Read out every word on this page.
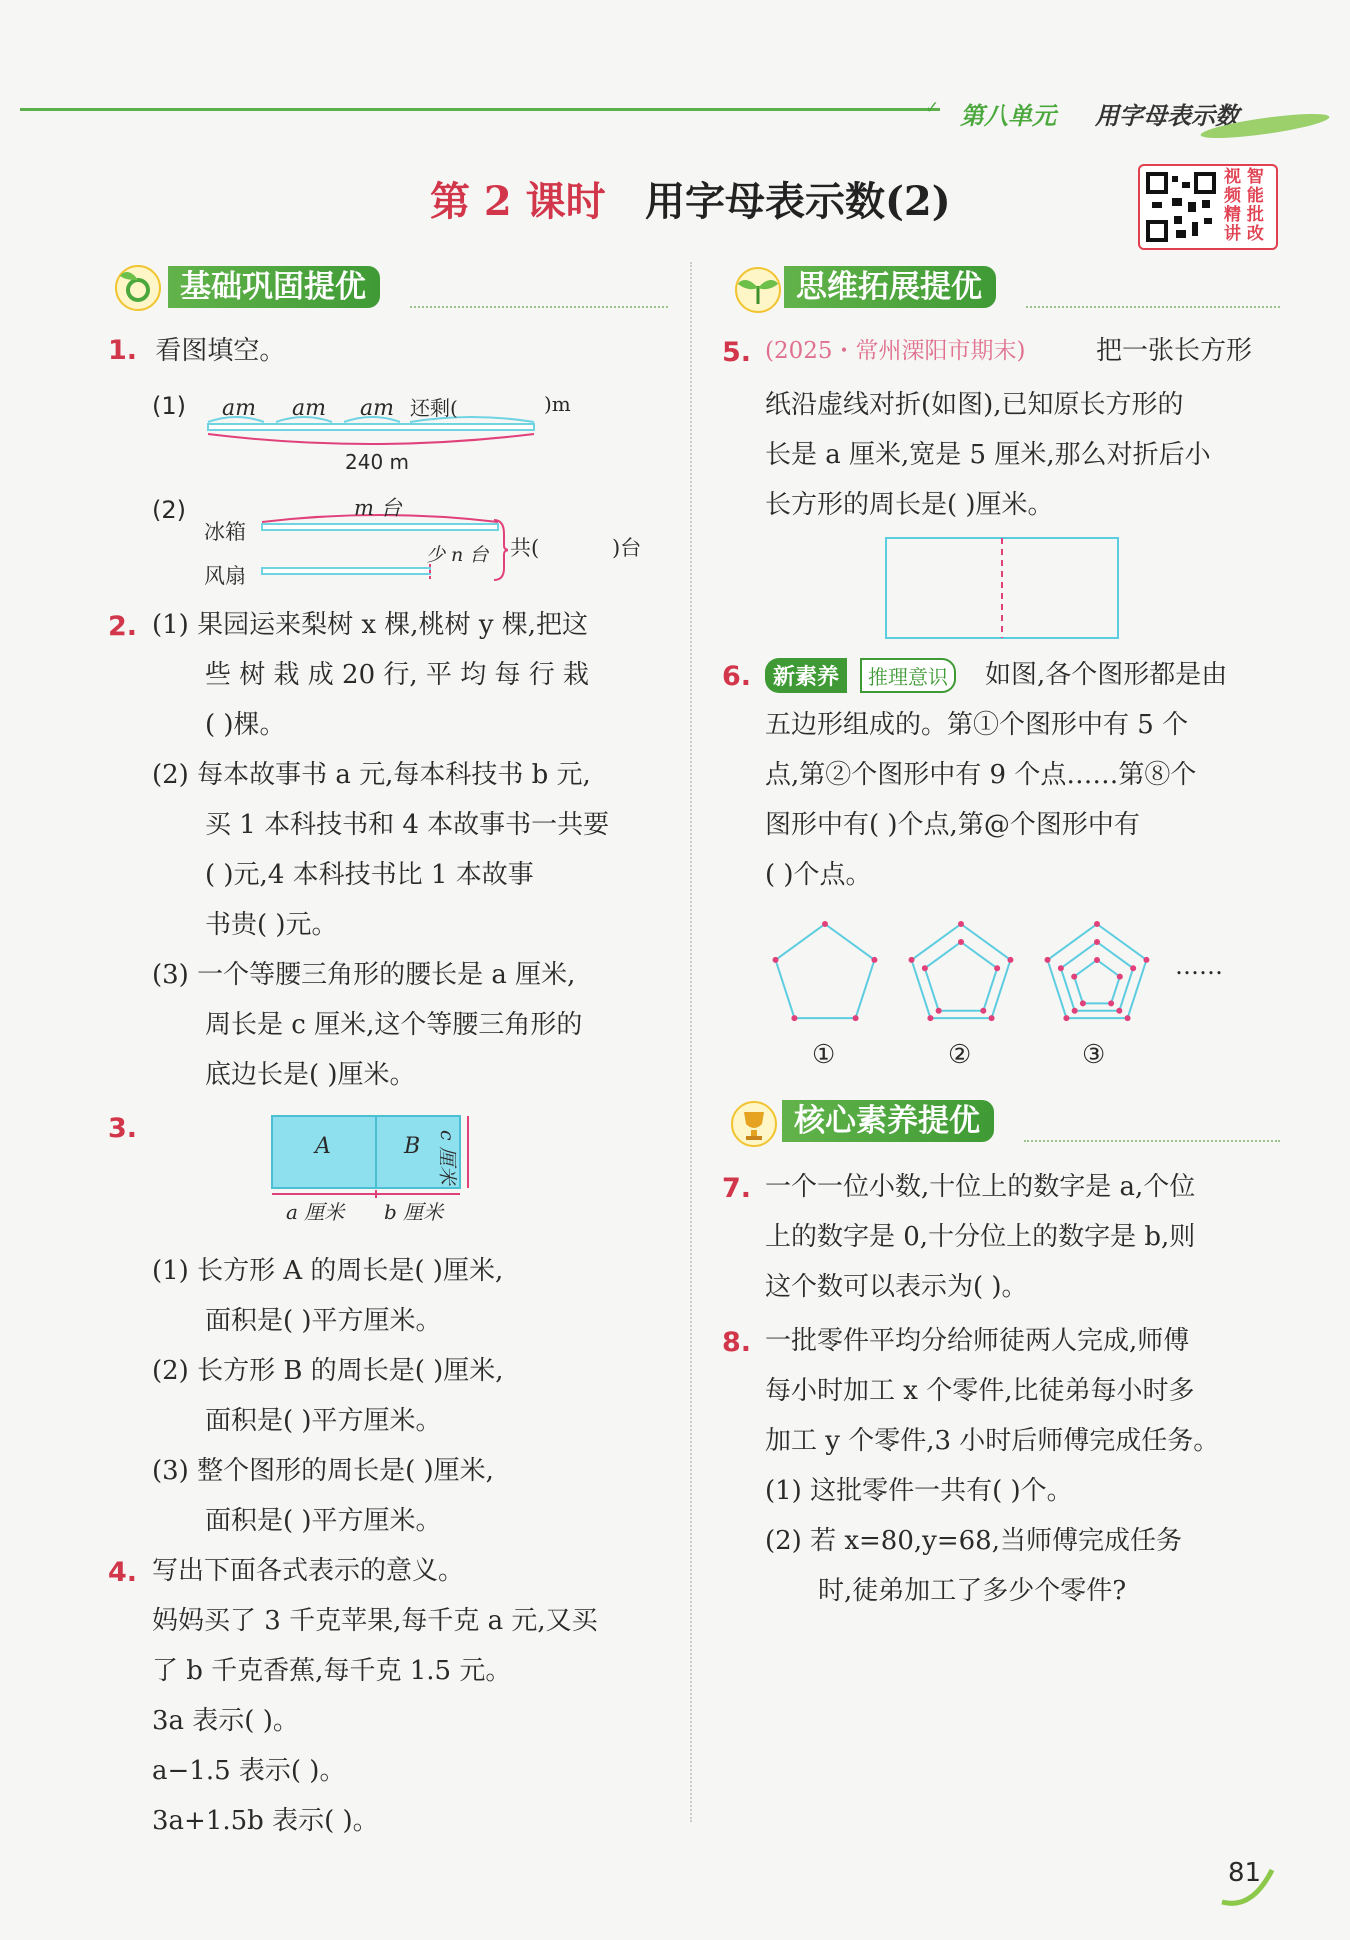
✓ 第八单元 用字母表示数
第 2 课时 用字母表示数(2)
视 智
频 能
精 批
讲 改
基础巩固提优
1. 看图填空。
(1) am am am 还剩(	)m
240 m
(2)
冰箱
风扇
m 台
少 n 台 共(	)台
2. (1) 果园运来梨树 x 棵,桃树 y 棵,把这
些 树 栽 成 20 行, 平 均 每 行 栽
( )棵。
(2) 每本故事书 a 元,每本科技书 b 元,
买 1 本科技书和 4 本故事书一共要
( )元,4 本科技书比 1 本故事
书贵( )元。
(3) 一个等腰三角形的腰长是 a 厘米,
周长是 c 厘米,这个等腰三角形的
底边长是( )厘米。
3.
A	B
a 厘米 b 厘米
c 厘米
(1) 长方形 A 的周长是( )厘米,
面积是( )平方厘米。
(2) 长方形 B 的周长是( )厘米,
面积是( )平方厘米。
(3) 整个图形的周长是( )厘米,
面积是( )平方厘米。
4. 写出下面各式表示的意义。
妈妈买了 3 千克苹果,每千克 a 元,又买
了 b 千克香蕉,每千克 1.5 元。
3a 表示( )。
a−1.5 表示( )。
3a+1.5b 表示( )。
思维拓展提优
5. (2025・常州溧阳市期末)	把一张长方形
纸沿虚线对折(如图),已知原长方形的
长是 a 厘米,宽是 5 厘米,那么对折后小
长方形的周长是( )厘米。
6. 新素养	推理意识	如图,各个图形都是由
五边形组成的。第①个图形中有 5 个
点,第②个图形中有 9 个点……第⑧个
图形中有( )个点,第@个图形中有
( )个点。
①	②	③
……
核心素养提优
7. 一个一位小数,十位上的数字是 a,个位
上的数字是 0,十分位上的数字是 b,则
这个数可以表示为( )。
8. 一批零件平均分给师徒两人完成,师傅
每小时加工 x 个零件,比徒弟每小时多
加工 y 个零件,3 小时后师傅完成任务。
(1) 这批零件一共有( )个。
(2) 若 x=80,y=68,当师傅完成任务
时,徒弟加工了多少个零件?
81
